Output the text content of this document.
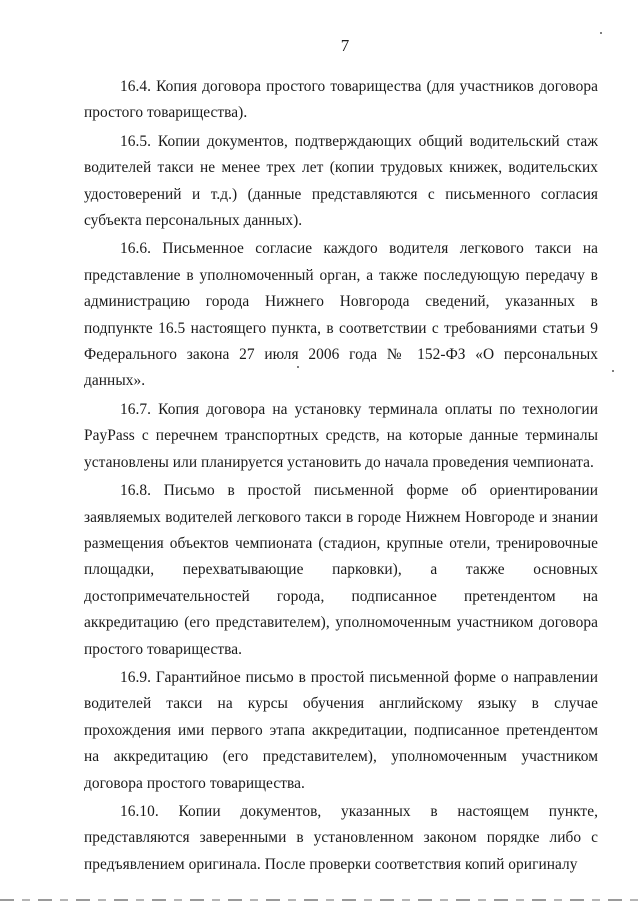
7

16.4. Копия договора простого товарищества (для участников договора простого товарищества).

16.5. Копии документов, подтверждающих общий водительский стаж водителей такси не менее трех лет (копии трудовых книжек, водительских удостоверений и т.д.) (данные представляются с письменного согласия субъекта персональных данных).

16.6. Письменное согласие каждого водителя легкового такси на представление в уполномоченный орган, а также последующую передачу в администрацию города Нижнего Новгорода сведений, указанных в подпункте 16.5 настоящего пункта, в соответствии с требованиями статьи 9 Федерального закона 27 июля 2006 года № 152-ФЗ «О персональных данных».

16.7. Копия договора на установку терминала оплаты по технологии PayPass с перечнем транспортных средств, на которые данные терминалы установлены или планируется установить до начала проведения чемпионата.

16.8. Письмо в простой письменной форме об ориентировании заявляемых водителей легкового такси в городе Нижнем Новгороде и знании размещения объектов чемпионата (стадион, крупные отели, тренировочные площадки, перехватывающие парковки), а также основных достопримечательностей города, подписанное претендентом на аккредитацию (его представителем), уполномоченным участником договора простого товарищества.

16.9. Гарантийное письмо в простой письменной форме о направлении водителей такси на курсы обучения английскому языку в случае прохождения ими первого этапа аккредитации, подписанное претендентом на аккредитацию (его представителем), уполномоченным участником договора простого товарищества.

16.10. Копии документов, указанных в настоящем пункте, представляются заверенными в установленном законом порядке либо с предъявлением оригинала. После проверки соответствия копий оригиналу
